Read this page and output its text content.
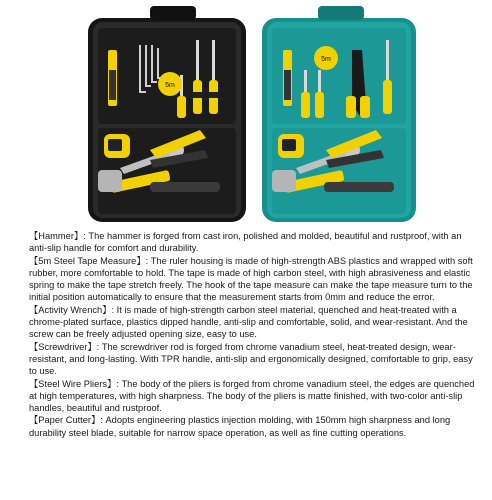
5m
5m

【Hammer】: The hammer is forged from cast iron, polished and molded, beautiful and rustproof, with an anti-slip handle for comfort and durability.

【5m Steel Tape Measure】: The ruler housing is made of high-strength ABS plastics and wrapped with soft rubber, more comfortable to hold. The tape is made of high carbon steel, with high abrasiveness and elastic spring to make the tape stretch freely. The hook of the tape measure can make the tape measure turn to the initial position automatically to ensure that the measurement starts from 0mm and reduce the error.

【Activity Wrench】: It is made of high-strength carbon steel material, quenched and heat-treated with a chrome-plated surface, plastics dipped handle, anti-slip and comfortable, solid, and wear-resistant. And the screw can be freely adjusted opening size, easy to use.

【Screwdriver】: The screwdriver rod is forged from chrome vanadium steel, heat-treated design, wear-resistant, and long-lasting. With TPR handle, anti-slip and ergonomically designed, comfortable to grip, easy to use.

【Steel Wire Pliers】: The body of the pliers is forged from chrome vanadium steel, the edges are quenched at high temperatures, with high sharpness. The body of the pliers is matte finished, with two-color anti-slip handles, beautiful and rustproof.

【Paper Cutter】: Adopts engineering plastics injection molding, with 150mm high sharpness and long durability steel blade, suitable for narrow space operation, as well as fine cutting operations.
